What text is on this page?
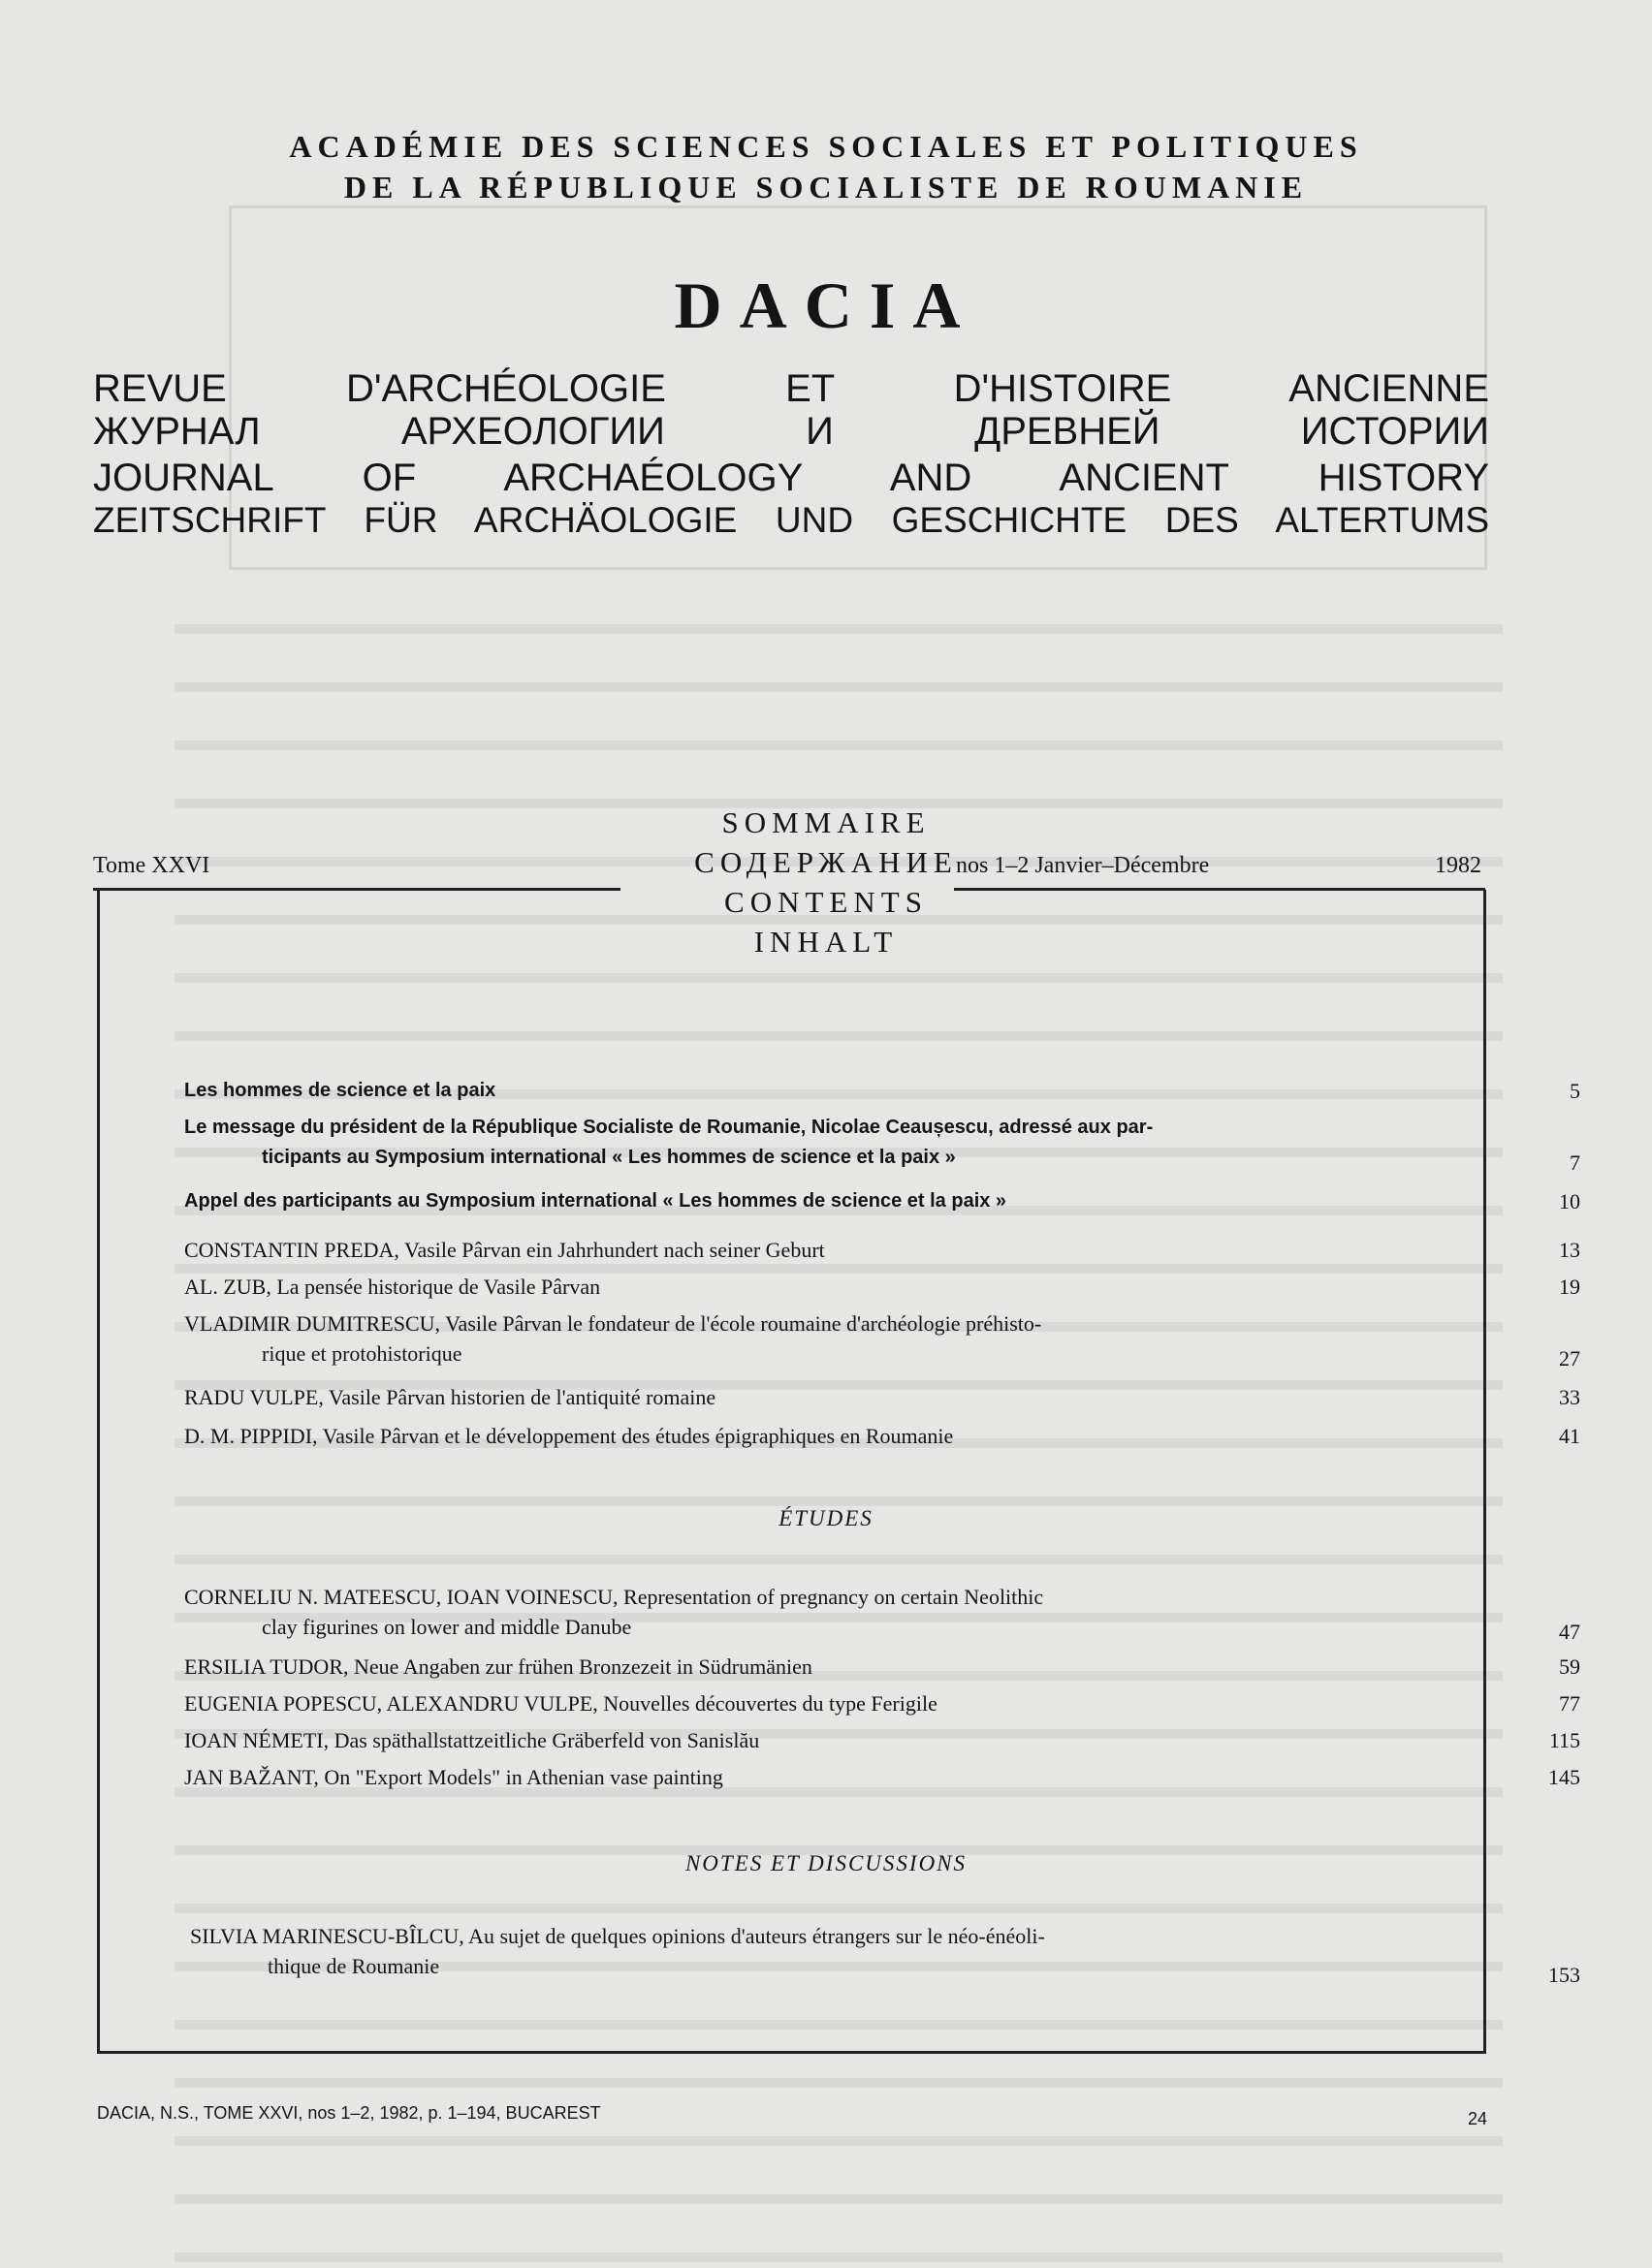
ACADÉMIE DES SCIENCES SOCIALES ET POLITIQUES
DE LA RÉPUBLIQUE SOCIALISTE DE ROUMANIE
DACIA
REVUE D'ARCHÉOLOGIE ET D'HISTOIRE ANCIENNE
ЖУРНАЛ АРХЕОЛОГИИ И ДРЕВНЕЙ ИСТОРИИ
JOURNAL OF ARCHAÉOLOGY AND ANCIENT HISTORY
ZEITSCHRIFT FÜR ARCHÄOLOGIE UND GESCHICHTE DES ALTERTUMS
SOMMAIRE
СОДЕРЖАНИЕ
CONTENTS
INHALT
Tome XXVI	nos 1–2 Janvier–Décembre	1982
Les hommes de science et la paix	5
Le message du président de la République Socialiste de Roumanie, Nicolae Ceaușescu, adressé aux par-
ticipants au Symposium international « Les hommes de science et la paix »	7
Appel des participants au Symposium international « Les hommes de science et la paix »	10
CONSTANTIN PREDA, Vasile Pârvan ein Jahrhundert nach seiner Geburt	13
AL. ZUB, La pensée historique de Vasile Pârvan	19
VLADIMIR DUMITRESCU, Vasile Pârvan le fondateur de l'école roumaine d'archéologie préhisto-
rique et protohistorique	27
RADU VULPE, Vasile Pârvan historien de l'antiquité romaine	33
D. M. PIPPIDI, Vasile Pârvan et le développement des études épigraphiques en Roumanie	41
ÉTUDES
CORNELIU N. MATEESCU, IOAN VOINESCU, Representation of pregnancy on certain Neolithic
clay figurines on lower and middle Danube	47
ERSILIA TUDOR, Neue Angaben zur frühen Bronzezeit in Südrumänien	59
EUGENIA POPESCU, ALEXANDRU VULPE, Nouvelles découvertes du type Ferigile	77
IOAN NÉMETI, Das späthallstattzeitliche Gräberfeld von Sanislău	115
JAN BAŽANT, On "Export Models" in Athenian vase painting	145
NOTES ET DISCUSSIONS
SILVIA MARINESCU-BÎLCU, Au sujet de quelques opinions d'auteurs étrangers sur le néo-énéoli-
thique de Roumanie	153
DACIA, N.S., TOME XXVI, nos 1–2, 1982, p. 1–194, BUCAREST	24
